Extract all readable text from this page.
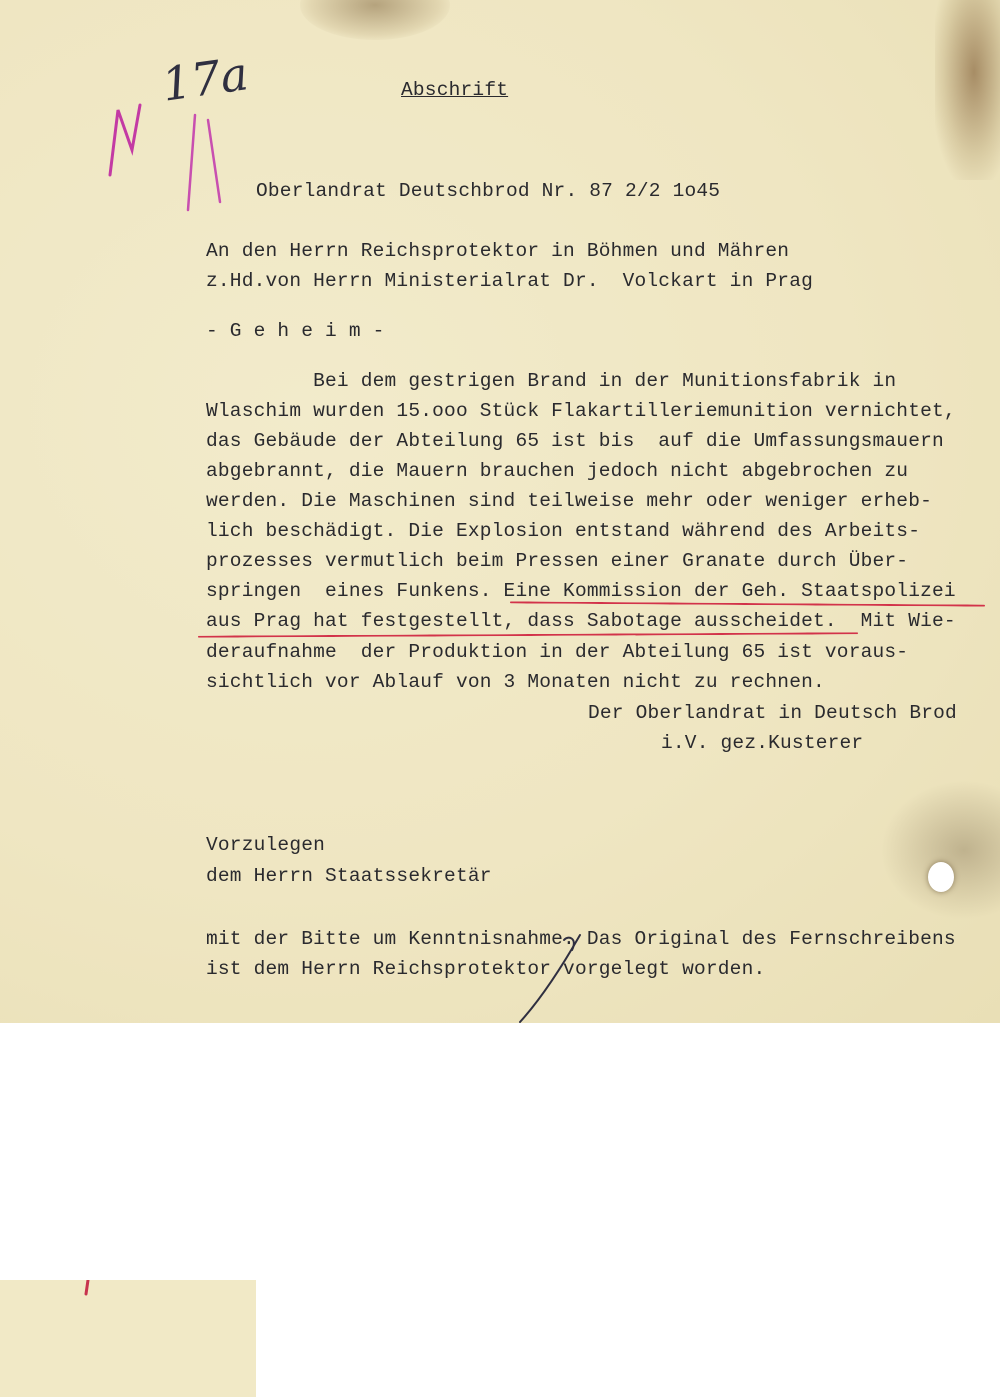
17a	Abschrift

Oberlandrat Deutschbrod Nr. 87 2/2 1o45

An den Herrn Reichsprotektor in Böhmen und Mähren

z.Hd.von Herrn Ministerialrat Dr.  Volckart in Prag

- G e h e i m -

Bei dem gestrigen Brand in der Munitionsfabrik in

Wlaschim wurden 15.ooo Stück Flakartilleriemunition vernichtet,

das Gebäude der Abteilung 65 ist bis  auf die Umfassungsmauern

abgebrannt, die Mauern brauchen jedoch nicht abgebrochen zu

werden. Die Maschinen sind teilweise mehr oder weniger erheb-

lich beschädigt. Die Explosion entstand während des Arbeits-

prozesses vermutlich beim Pressen einer Granate durch Über-

springen  eines Funkens. Eine Kommission der Geh. Staatspolizei

aus Prag hat festgestellt, dass Sabotage ausscheidet.  Mit Wie-

deraufnahme  der Produktion in der Abteilung 65 ist voraus-

sichtlich vor Ablauf von 3 Monaten nicht zu rechnen.

Der Oberlandrat in Deutsch Brod

i.V. gez.Kusterer

Vorzulegen

dem Herrn Staatssekretär

mit der Bitte um Kenntnisnahme. Das Original des Fernschreibens

ist dem Herrn Reichsprotektor vorgelegt worden.
